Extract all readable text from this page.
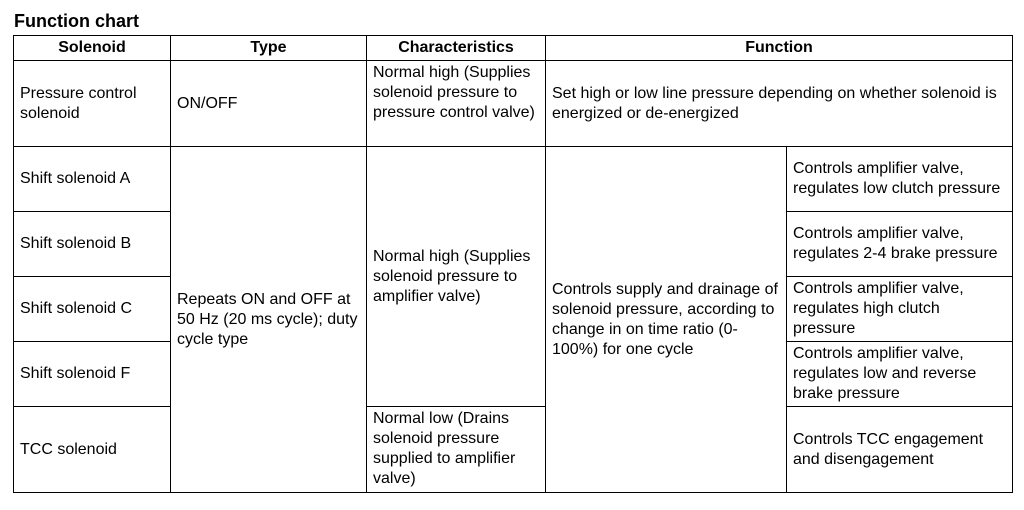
Function chart
Solenoid	Type	Characteristics	Function	
Pressure control solenoid	ON/OFF	Normal high (Supplies solenoid pressure to pressure control valve)	Set high or low line pressure depending on whether solenoid is energized or de-energized	
Shift solenoid A	Repeats ON and OFF at 50 Hz (20 ms cycle); duty cycle type	Normal high (Supplies solenoid pressure to amplifier valve)	Controls supply and drainage of solenoid pressure, according to change in on time ratio (0-100%) for one cycle	Controls amplifier valve, regulates low clutch pressure
Shift solenoid B				Controls amplifier valve, regulates 2-4 brake pressure
Shift solenoid C				Controls amplifier valve, regulates high clutch pressure
Shift solenoid F				Controls amplifier valve, regulates low and reverse brake pressure
TCC solenoid		Normal low (Drains solenoid pressure supplied to amplifier valve)		Controls TCC engagement and disengagement
